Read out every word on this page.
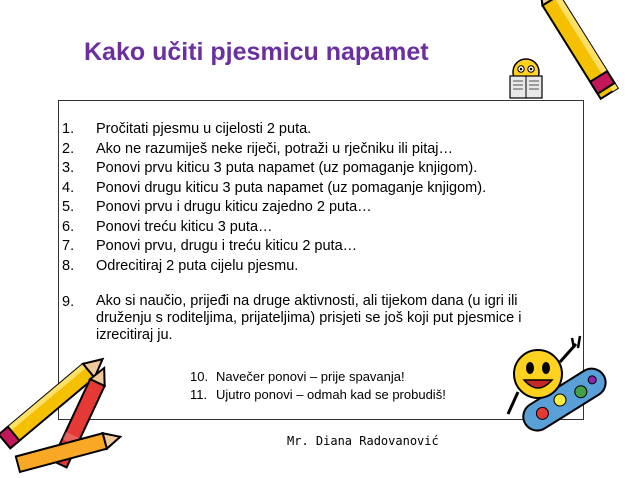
Kako učiti pjesmicu napamet
1.	Pročitati pjesmu u cijelosti 2 puta.
2.	Ako ne razumiješ neke riječi, potraži u rječniku ili pitaj…
3.	Ponovi prvu kiticu 3 puta napamet (uz pomaganje knjigom).
4.	Ponovi drugu kiticu 3 puta napamet (uz pomaganje knjigom).
5.	Ponovi prvu i drugu kiticu zajedno 2 puta…
6.	Ponovi treću kiticu 3 puta…
7.	Ponovi prvu, drugu i treću kiticu 2 puta…
8.	Odrecitiraj 2 puta cijelu pjesmu.
9.	Ako si naučio, prijeđi na druge aktivnosti, ali tijekom dana (u igri ili druženju s roditeljima, prijateljima) prisjeti se još koji put pjesmice i izrecitiraj ju.
10. Navečer ponovi – prije spavanja!
11. Ujutro ponovi – odmah kad se probudiš!
Mr. Diana Radovanović
